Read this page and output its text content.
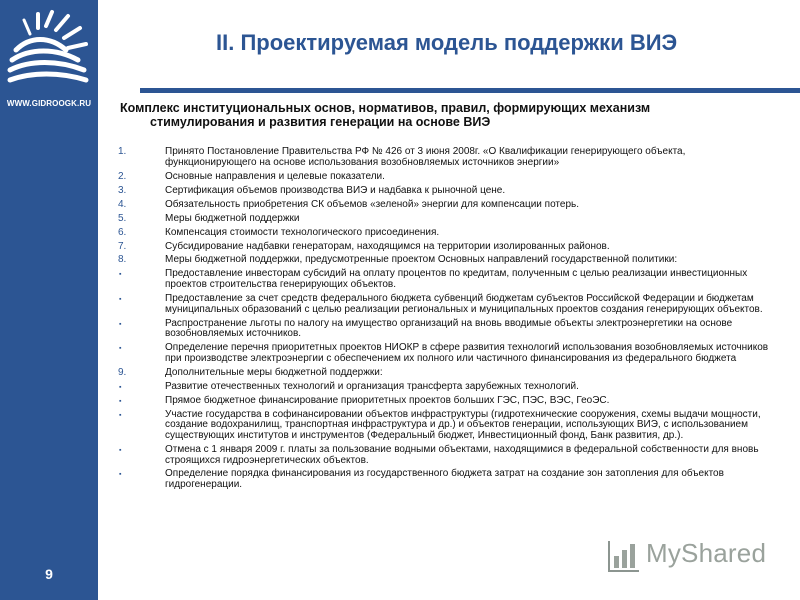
WWW.GIDROOGK.RU
9
II. Проектируемая модель поддержки ВИЭ
Комплекс институциональных основ, нормативов, правил, формирующих механизм
стимулирования и развития генерации на основе ВИЭ
1.	Принято Постановление Правительства РФ № 426 от 3 июня 2008г. «О Квалификации генерирующего объекта, функционирующего на основе использования возобновляемых источников энергии»
2.	Основные направления и целевые показатели.
3.	Сертификация объемов производства ВИЭ и надбавка к рыночной цене.
4.	Обязательность приобретения СК объемов «зеленой» энергии для компенсации потерь.
5.	Меры бюджетной поддержки
6.	Компенсация стоимости технологического присоединения.
7.	Субсидирование надбавки генераторам, находящимся на территории изолированных районов.
8.	Меры бюджетной поддержки, предусмотренные проектом Основных направлений государственной политики:
▪	Предоставление инвесторам субсидий на оплату процентов по кредитам, полученным с целью реализации инвестиционных проектов строительства генерирующих объектов.
▪	Предоставление за счет средств федерального бюджета субвенций бюджетам субъектов Российской Федерации и бюджетам муниципальных образований с целью реализации региональных и муниципальных проектов создания генерирующих объектов.
▪	Распространение льготы по налогу на имущество организаций на вновь вводимые объекты электроэнергетики на основе возобновляемых источников.
▪	Определение перечня приоритетных проектов НИОКР в сфере развития технологий использования возобновляемых источников при производстве электроэнергии с обеспечением их полного или частичного финансирования из федерального бюджета
9.	Дополнительные меры бюджетной поддержки:
▪	Развитие отечественных технологий и организация трансферта зарубежных технологий.
▪	Прямое бюджетное финансирование приоритетных проектов больших ГЭС, ПЭС, ВЭС, ГеоЭС.
▪	Участие государства в софинансировании объектов инфраструктуры (гидротехнические сооружения, схемы выдачи мощности, создание водохранилищ, транспортная инфраструктура и др.) и объектов генерации, использующих ВИЭ, с использованием существующих институтов и инструментов (Федеральный бюджет, Инвестиционный фонд, Банк развития, др.).
▪	Отмена с 1 января 2009 г. платы за пользование водными объектами, находящимися в федеральной собственности для вновь строящихся гидроэнергетических объектов.
▪	Определение порядка финансирования из государственного бюджета затрат на создание зон затопления для объектов гидрогенерации.
MyShared
